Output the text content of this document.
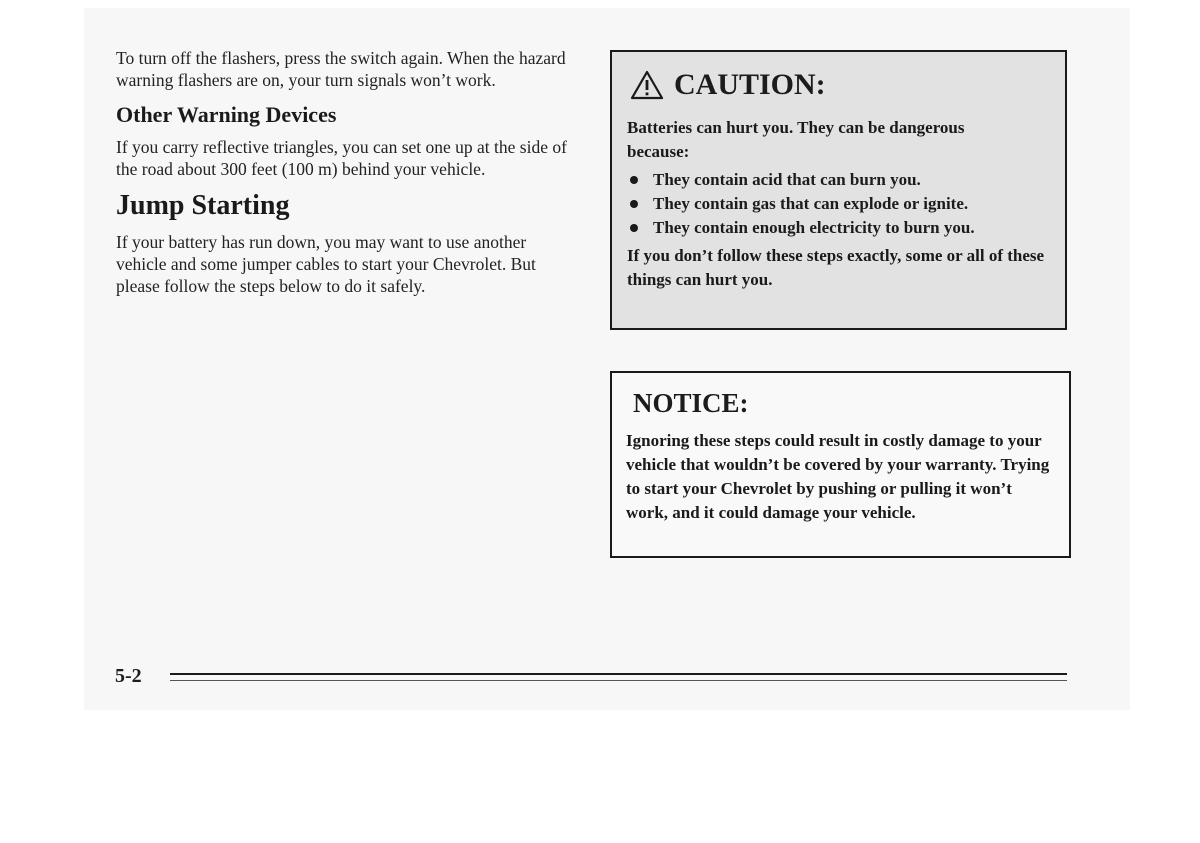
To turn off the flashers, press the switch again. When the hazard warning flashers are on, your turn signals won’t work.

Other Warning Devices

If you carry reflective triangles, you can set one up at the side of the road about 300 feet (100 m) behind your vehicle.

Jump Starting

If your battery has run down, you may want to use another vehicle and some jumper cables to start your Chevrolet. But please follow the steps below to do it safely.

CAUTION:

Batteries can hurt you. They can be dangerous because:

They contain acid that can burn you.
They contain gas that can explode or ignite.
They contain enough electricity to burn you.

If you don’t follow these steps exactly, some or all of these things can hurt you.

NOTICE:

Ignoring these steps could result in costly damage to your vehicle that wouldn’t be covered by your warranty. Trying to start your Chevrolet by pushing or pulling it won’t work, and it could damage your vehicle.

5-2
